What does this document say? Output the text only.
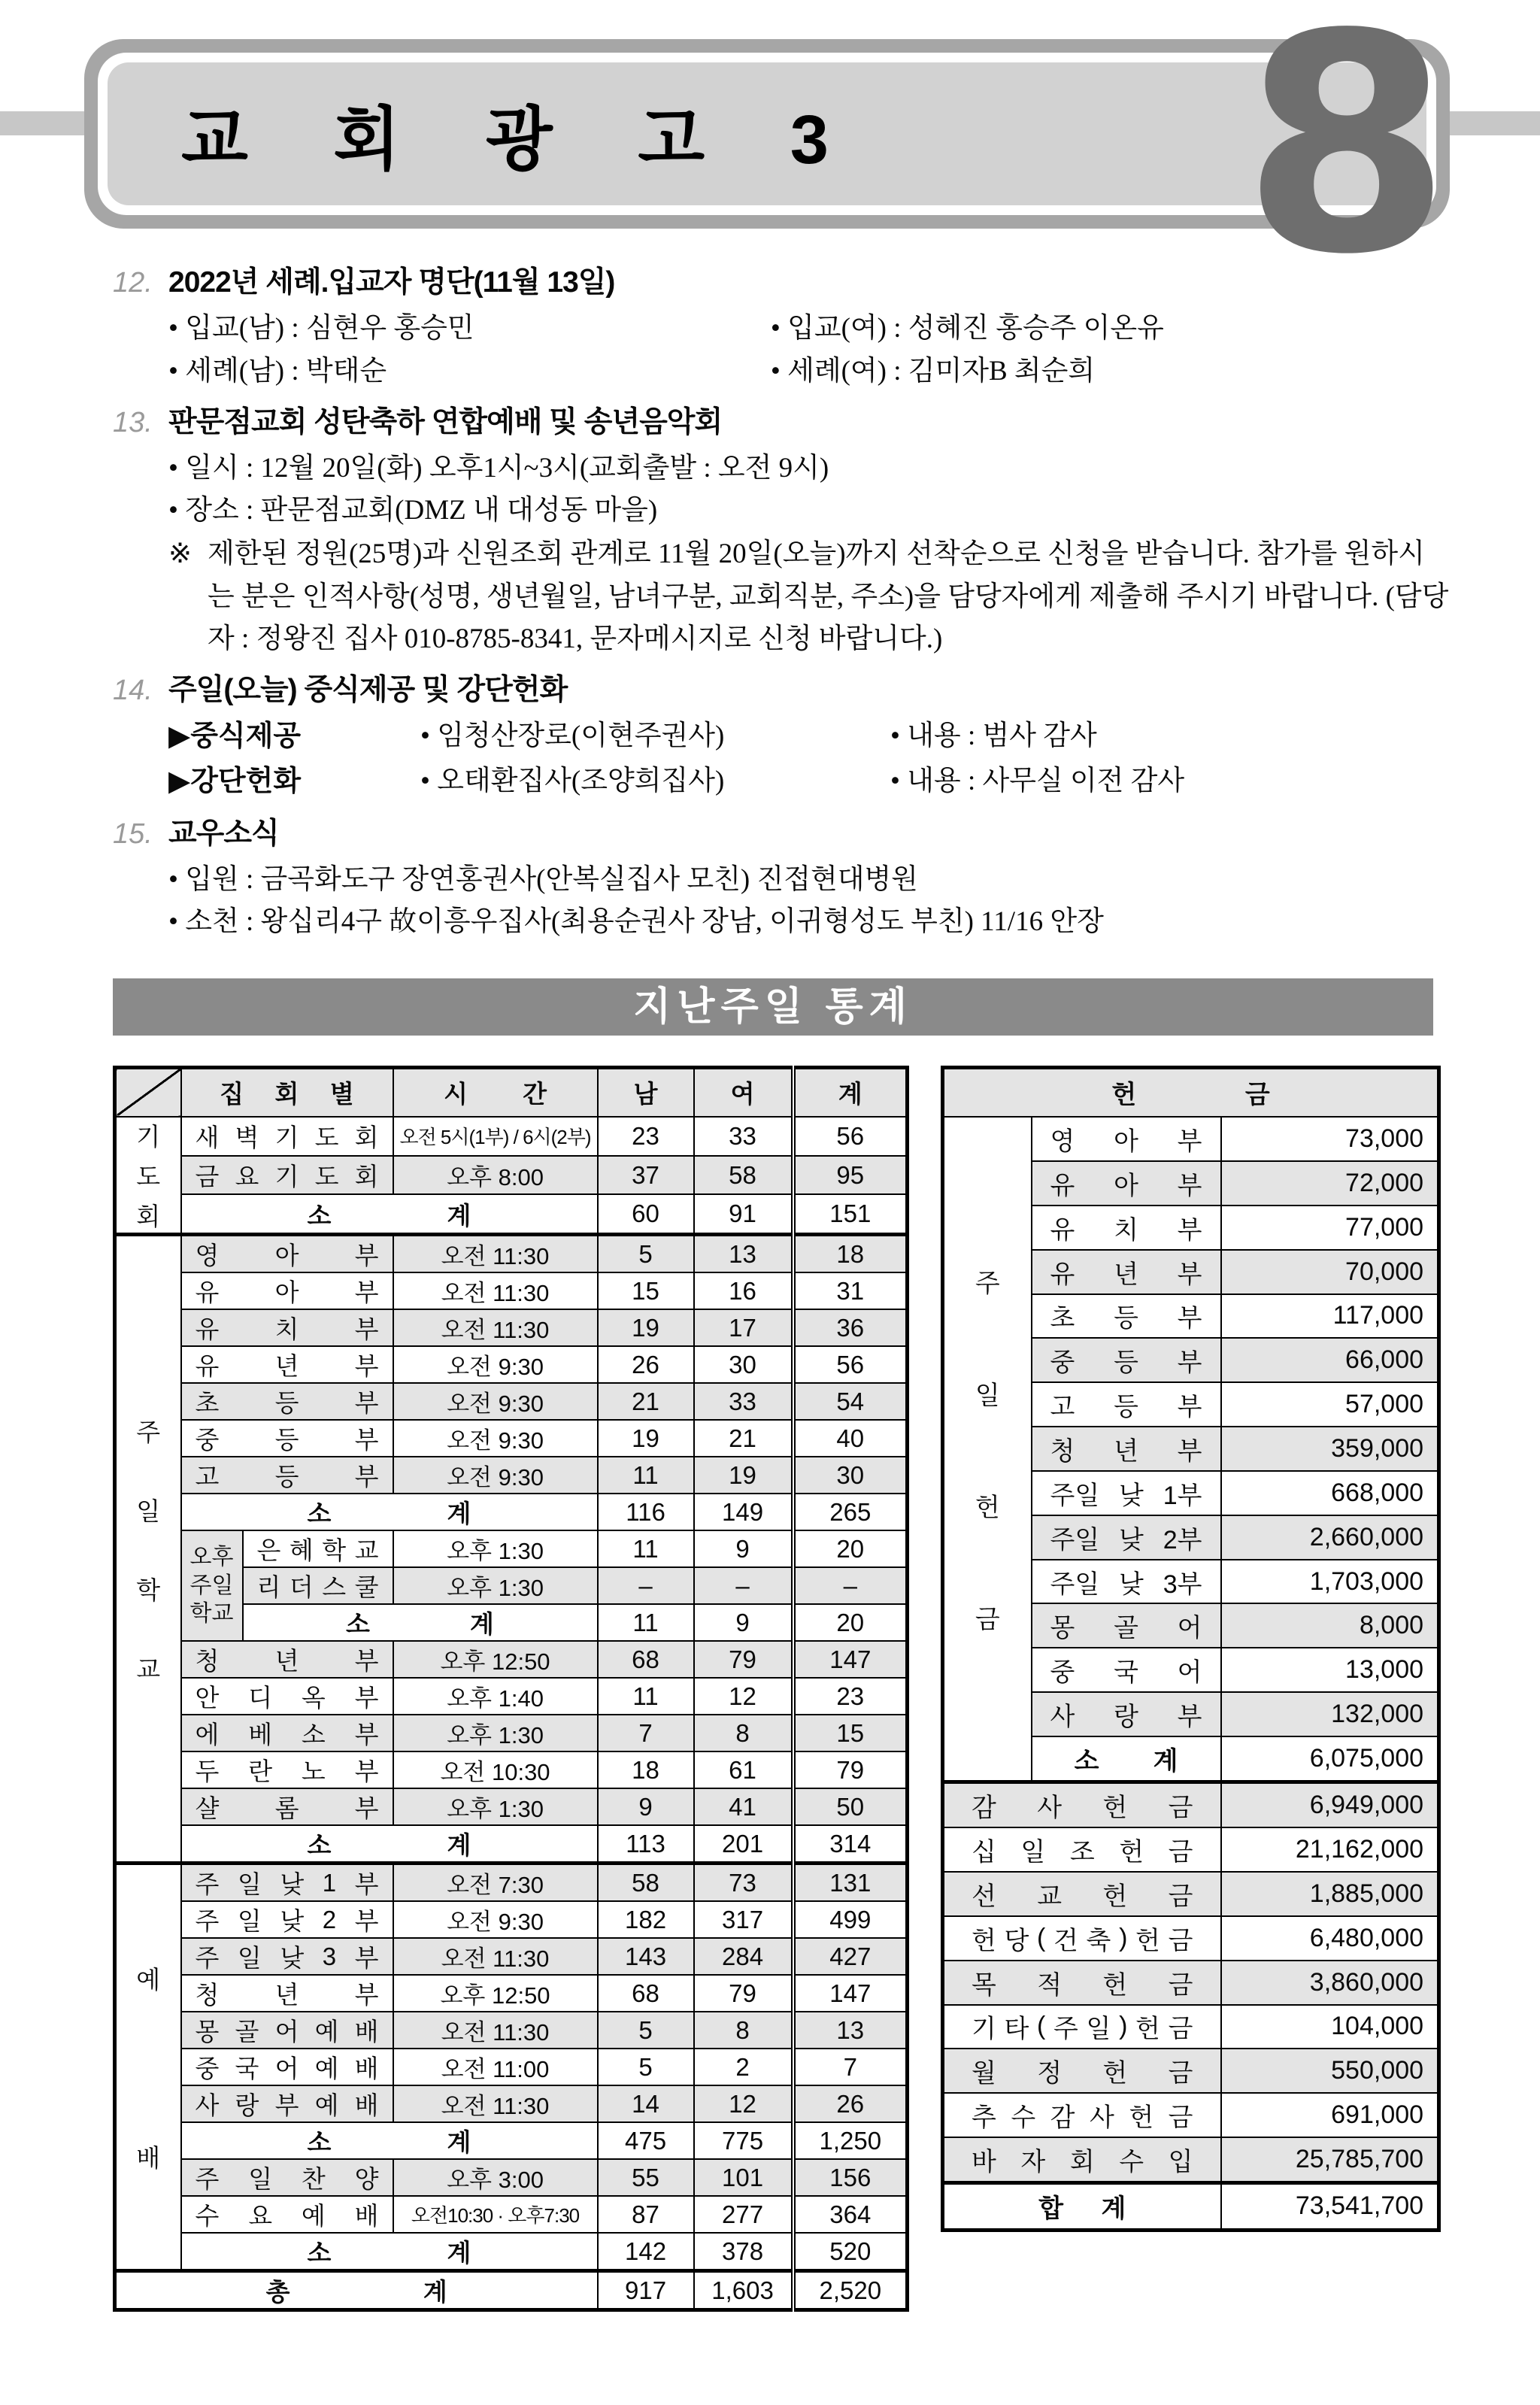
교 회 광 고 3 8
12. 2022년 세례.입교자 명단(11월 13일)
• 입교(남) : 심현우 홍승민	• 입교(여) : 성혜진 홍승주 이온유
• 세례(남) : 박태순	• 세례(여) : 김미자B 최순희
13. 판문점교회 성탄축하 연합예배 및 송년음악회
• 일시 : 12월 20일(화) 오후1시~3시(교회출발 : 오전 9시)
• 장소 : 판문점교회(DMZ 내 대성동 마을)
※ 제한된 정원(25명)과 신원조회 관계로 11월 20일(오늘)까지 선착순으로 신청을 받습니다. 참가를 원하시는 분은 인적사항(성명, 생년월일, 남녀구분, 교회직분, 주소)을 담당자에게 제출해 주시기 바랍니다. (담당자 : 정왕진 집사 010-8785-8341, 문자메시지로 신청 바랍니다.)
14. 주일(오늘) 중식제공 및 강단헌화
▶중식제공	• 임청산장로(이현주권사)	• 내용 : 범사 감사
▶강단헌화	• 오태환집사(조양희집사)	• 내용 : 사무실 이전 감사
15. 교우소식
• 입원 : 금곡화도구 장연홍권사(안복실집사 모친) 진접현대병원
• 소천 : 왕십리4구 故이흥우집사(최용순권사 장남, 이귀형성도 부친) 11/16 안장
지난주일 통계

	집 회 별		시 간	남	여	계

기
도
회	새 벽 기 도 회		오전 5시(1부) / 6시(2부)	23	33	56

	금 요 기 도 회		오후 8:00	37	58	95

	소 계			60	91	151

주
일
학
교	영 아 부		오전 11:30	5	13	18

	유 아 부		오전 11:30	15	16	31

	유 치 부		오전 11:30	19	17	36

	유 년 부		오전 9:30	26	30	56

	초 등 부		오전 9:30	21	33	54

	중 등 부		오전 9:30	19	21	40

	고 등 부		오전 9:30	11	19	30

	소 계			116	149	265

오후
주일
학교

은 혜 학 교	오후 1:30	11	9	20

		리 더 스 쿨	오후 1:30	–	–	–

		소 계		11	9	20

	청 년 부		오후 12:50	68	79	147

	안 디 옥 부		오후 1:40	11	12	23

	에 베 소 부		오후 1:30	7	8	15

	두 란 노 부		오전 10:30	18	61	79

	샬 롬 부		오후 1:30	9	41	50

	소 계			113	201	314

예
배	주 일 낮 1 부		오전 7:30	58	73	131

	주 일 낮 2 부		오전 9:30	182	317	499

	주 일 낮 3 부		오전 11:30	143	284	427

	청 년 부		오후 12:50	68	79	147

	몽 골 어 예 배		오전 11:30	5	8	13

	중 국 어 예 배		오전 11:00	5	2	7

	사 랑 부 예 배		오전 11:30	14	12	26

	소 계			475	775	1,250

	주 일 찬 양		오후 3:00	55	101	156

	수 요 예 배		오전10:30 · 오후7:30	87	277	364

	소 계			142	378	520

총 계				917	1,603	2,520
헌 금		

주
일
헌
금	영 아 부	73,000

	유 아 부	72,000

	유 치 부	77,000

	유 년 부	70,000

	초 등 부	117,000

	중 등 부	66,000

	고 등 부	57,000

	청 년 부	359,000

	주일 낮 1부	668,000

	주일 낮 2부	2,660,000

	주일 낮 3부	1,703,000

	몽 골 어	8,000

	중 국 어	13,000

	사 랑 부	132,000

	소 계	6,075,000

감 사 헌 금		6,949,000

십 일 조 헌 금		21,162,000

선 교 헌 금		1,885,000

헌 당 ( 건 축 ) 헌 금	6,480,000

목 적 헌 금		3,860,000

기 타 ( 주 일 ) 헌 금	104,000

월 정 헌 금		550,000

추 수 감 사 헌 금	691,000

바 자 회 수 입		25,785,700

합 계		73,541,700
